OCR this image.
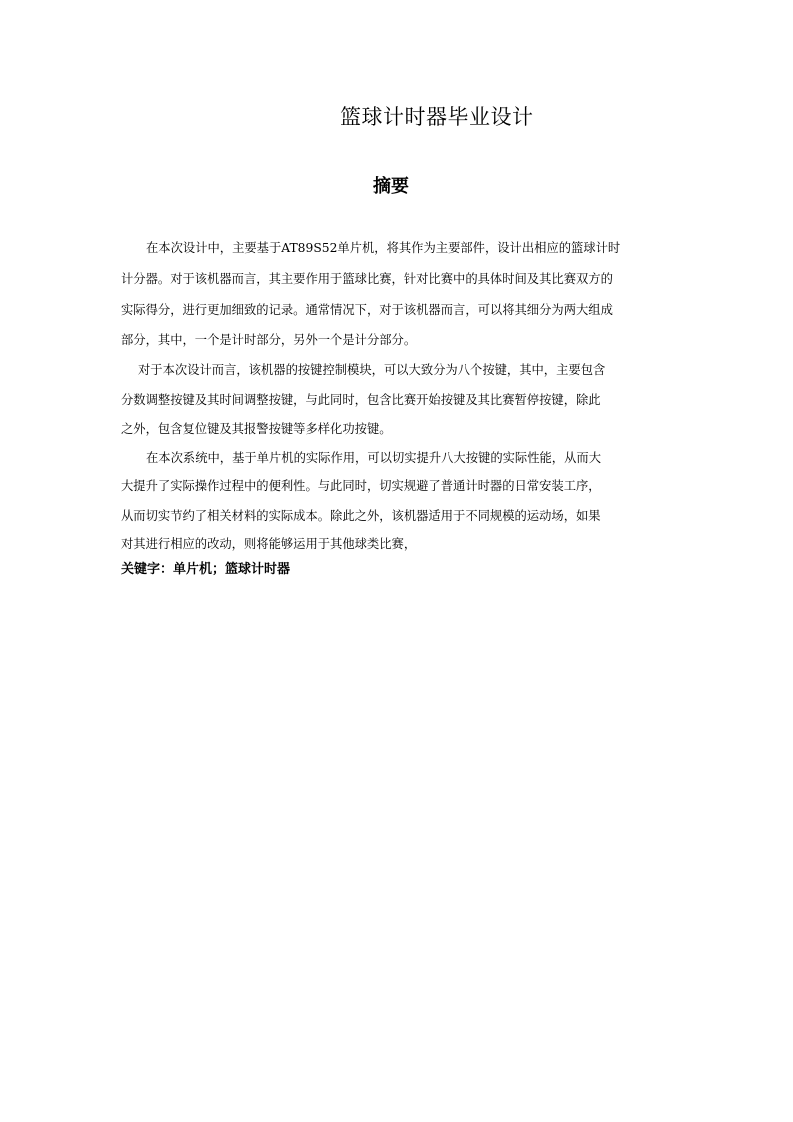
篮球计时器毕业设计
摘要
在本次设计中，主要基于AT89S52单片机，将其作为主要部件，设计出相应的篮球计时
计分器。对于该机器而言，其主要作用于篮球比赛，针对比赛中的具体时间及其比赛双方的
实际得分，进行更加细致的记录。通常情况下，对于该机器而言，可以将其细分为两大组成
部分，其中，一个是计时部分，另外一个是计分部分。
对于本次设计而言，该机器的按键控制模块，可以大致分为八个按键，其中，主要包含
分数调整按键及其时间调整按键，与此同时，包含比赛开始按键及其比赛暂停按键，除此
之外，包含复位键及其报警按键等多样化功按键。
在本次系统中，基于单片机的实际作用，可以切实提升八大按键的实际性能，从而大
大提升了实际操作过程中的便利性。与此同时，切实规避了普通计时器的日常安装工序，
从而切实节约了相关材料的实际成本。除此之外，该机器适用于不同规模的运动场，如果
对其进行相应的改动，则将能够运用于其他球类比赛，
关键字：单片机；篮球计时器
